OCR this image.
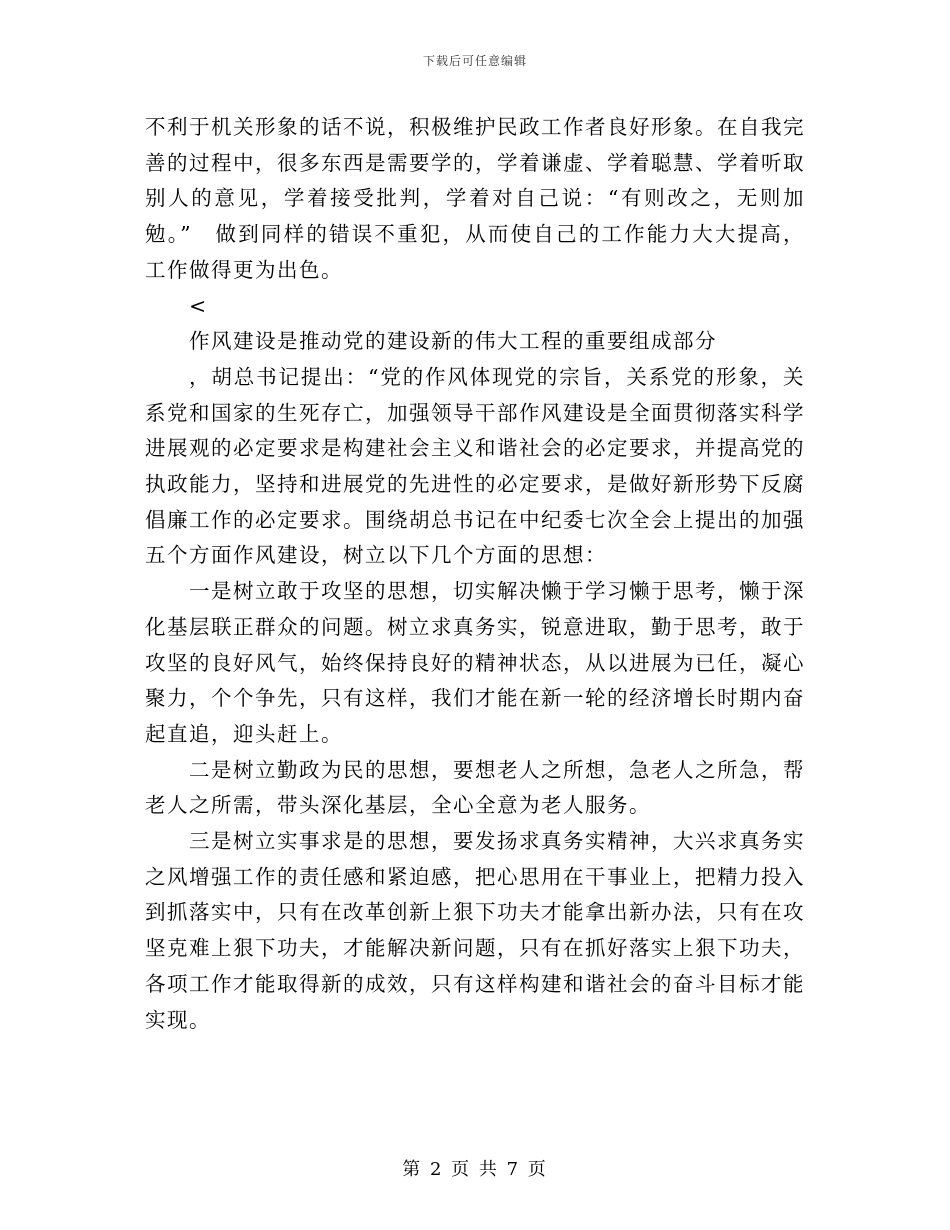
下载后可任意编辑

不利于机关形象的话不说，积极维护民政工作者良好形象。在自我完善的过程中，很多东西是需要学的，学着谦虚、学着聪慧、学着听取别人的意见，学着接受批判，学着对自己说：“有则改之，无则加勉。”　做到同样的错误不重犯，从而使自己的工作能力大大提高，工作做得更为出色。

<

作风建设是推动党的建设新的伟大工程的重要组成部分

，胡总书记提出：“党的作风体现党的宗旨，关系党的形象，关系党和国家的生死存亡，加强领导干部作风建设是全面贯彻落实科学进展观的必定要求是构建社会主义和谐社会的必定要求，并提高党的执政能力，坚持和进展党的先进性的必定要求，是做好新形势下反腐倡廉工作的必定要求。围绕胡总书记在中纪委七次全会上提出的加强五个方面作风建设，树立以下几个方面的思想：

一是树立敢于攻坚的思想，切实解决懒于学习懒于思考，懒于深化基层联正群众的问题。树立求真务实，锐意进取，勤于思考，敢于攻坚的良好风气，始终保持良好的精神状态，从以进展为已任，凝心聚力，个个争先，只有这样，我们才能在新一轮的经济增长时期内奋起直追，迎头赶上。

二是树立勤政为民的思想，要想老人之所想，急老人之所急，帮老人之所需，带头深化基层，全心全意为老人服务。

三是树立实事求是的思想，要发扬求真务实精神，大兴求真务实之风增强工作的责任感和紧迫感，把心思用在干事业上，把精力投入到抓落实中，只有在改革创新上狠下功夫才能拿出新办法，只有在攻坚克难上狠下功夫，才能解决新问题，只有在抓好落实上狠下功夫，各项工作才能取得新的成效，只有这样构建和谐社会的奋斗目标才能实现。

第 2 页 共 7 页
